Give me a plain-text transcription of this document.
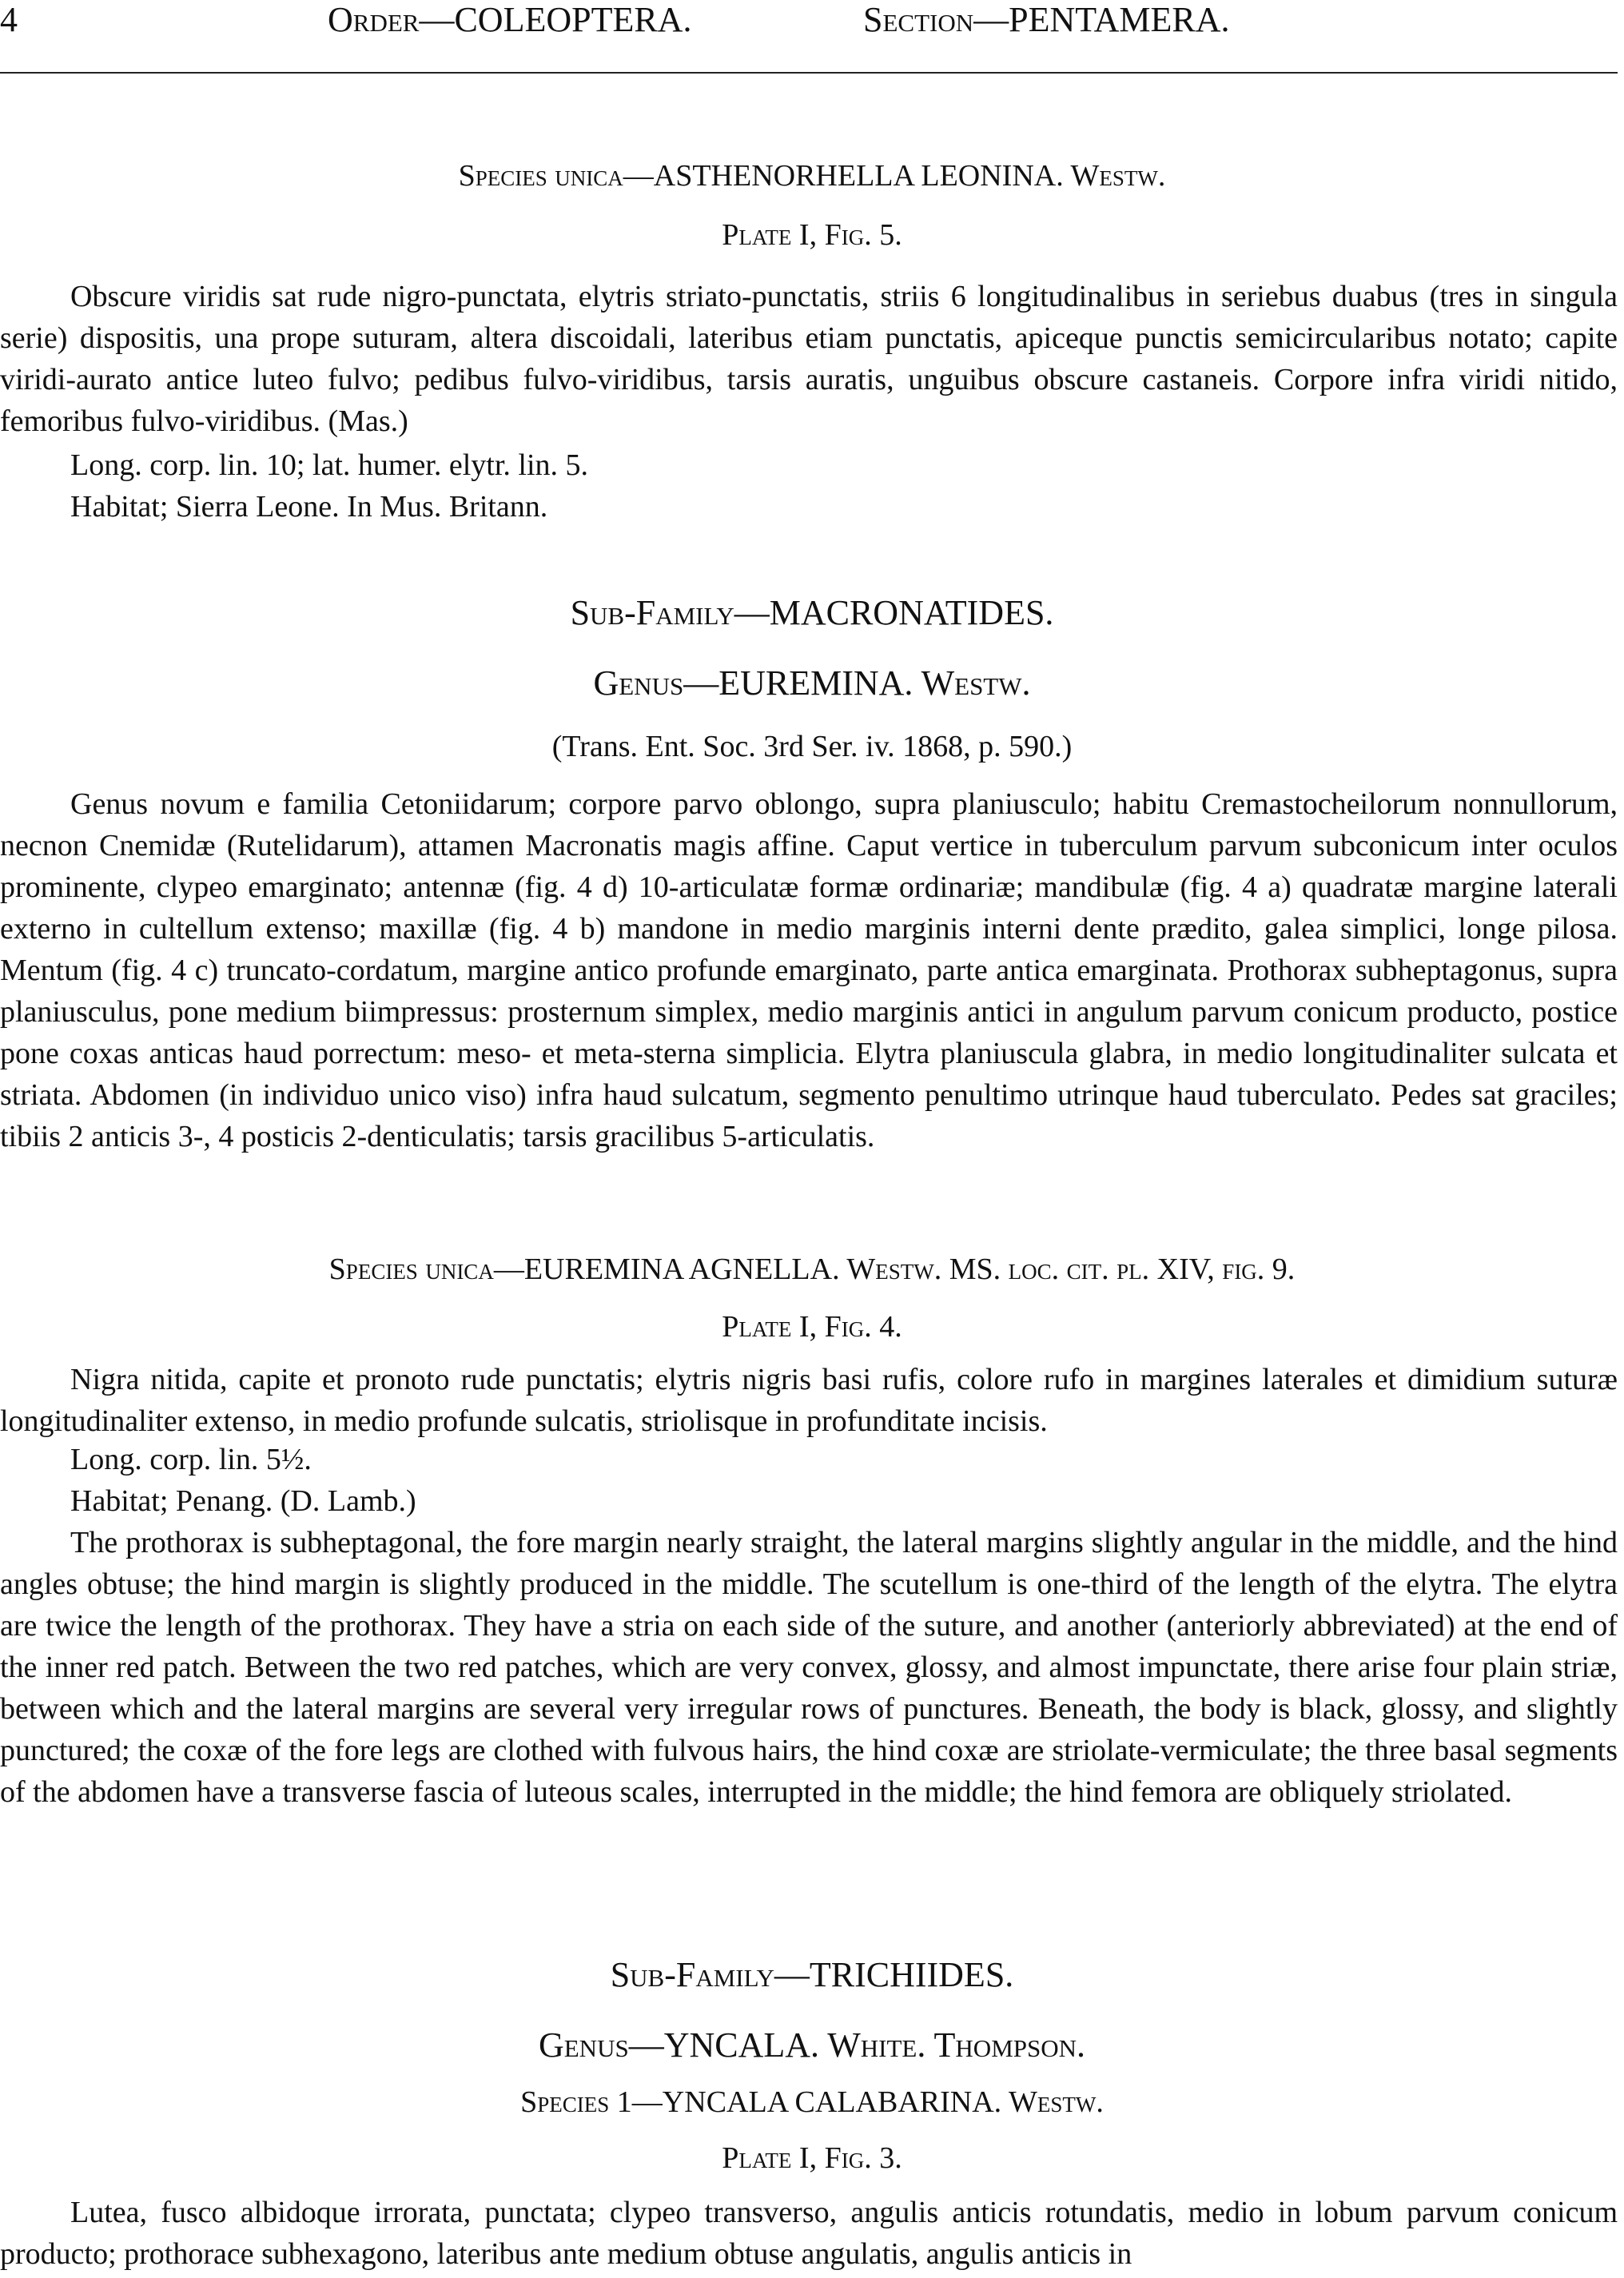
4	Order—COLEOPTERA.	Section—PENTAMERA.
Species unica—ASTHENORHELLA LEONINA. Westw.
Plate I, Fig. 5.

Obscure viridis sat rude nigro-punctata, elytris striato-punctatis, striis 6 longitudinalibus in seriebus duabus (tres in singula serie) dispositis, una prope suturam, altera discoidali, lateribus etiam punctatis, apiceque punctis semicircularibus notato; capite viridi-aurato antice luteo fulvo; pedibus fulvo-viridibus, tarsis auratis, unguibus obscure castaneis. Corpore infra viridi nitido, femoribus fulvo-viridibus. (Mas.)

Long. corp. lin. 10; lat. humer. elytr. lin. 5.
Habitat; Sierra Leone. In Mus. Britann.
Sub-Family—MACRONATIDES.
Genus—EUREMINA. Westw.
(Trans. Ent. Soc. 3rd Ser. iv. 1868, p. 590.)

Genus novum e familia Cetoniidarum; corpore parvo oblongo, supra planiusculo; habitu Cremastocheilorum nonnullorum, necnon Cnemidæ (Rutelidarum), attamen Macronatis magis affine. Caput vertice in tuberculum parvum subconicum inter oculos prominente, clypeo emarginato; antennæ (fig. 4 d) 10-articulatæ formæ ordinariæ; mandibulæ (fig. 4 a) quadratæ margine laterali externo in cultellum extenso; maxillæ (fig. 4 b) mandone in medio marginis interni dente prædito, galea simplici, longe pilosa. Mentum (fig. 4 c) truncato-cordatum, margine antico profunde emarginato, parte antica emarginata. Prothorax subheptagonus, supra planiusculus, pone medium biimpressus: prosternum simplex, medio marginis antici in angulum parvum conicum producto, postice pone coxas anticas haud porrectum: meso- et meta-sterna simplicia. Elytra planiuscula glabra, in medio longitudinaliter sulcata et striata. Abdomen (in individuo unico viso) infra haud sulcatum, segmento penultimo utrinque haud tuberculato. Pedes sat graciles; tibiis 2 anticis 3-, 4 posticis 2-denticulatis; tarsis gracilibus 5-articulatis.

Species unica—EUREMINA AGNELLA. Westw. MS. loc. cit. pl. XIV, fig. 9.
Plate I, Fig. 4.

Nigra nitida, capite et pronoto rude punctatis; elytris nigris basi rufis, colore rufo in margines laterales et dimidium suturæ longitudinaliter extenso, in medio profunde sulcatis, striolisque in profunditate incisis.

Long. corp. lin. 5½.
Habitat; Penang. (D. Lamb.)

The prothorax is subheptagonal, the fore margin nearly straight, the lateral margins slightly angular in the middle, and the hind angles obtuse; the hind margin is slightly produced in the middle. The scutellum is one-third of the length of the elytra. The elytra are twice the length of the prothorax. They have a stria on each side of the suture, and another (anteriorly abbreviated) at the end of the inner red patch. Between the two red patches, which are very convex, glossy, and almost impunctate, there arise four plain striæ, between which and the lateral margins are several very irregular rows of punctures. Beneath, the body is black, glossy, and slightly punctured; the coxæ of the fore legs are clothed with fulvous hairs, the hind coxæ are striolate-vermiculate; the three basal segments of the abdomen have a transverse fascia of luteous scales, interrupted in the middle; the hind femora are obliquely striolated.

Sub-Family—TRICHIIDES.
Genus—YNCALA. White. Thompson.
Species 1—YNCALA CALABARINA. Westw.
Plate I, Fig. 3.

Lutea, fusco albidoque irrorata, punctata; clypeo transverso, angulis anticis rotundatis, medio in lobum parvum conicum producto; prothorace subhexagono, lateribus ante medium obtuse angulatis, angulis anticis in
